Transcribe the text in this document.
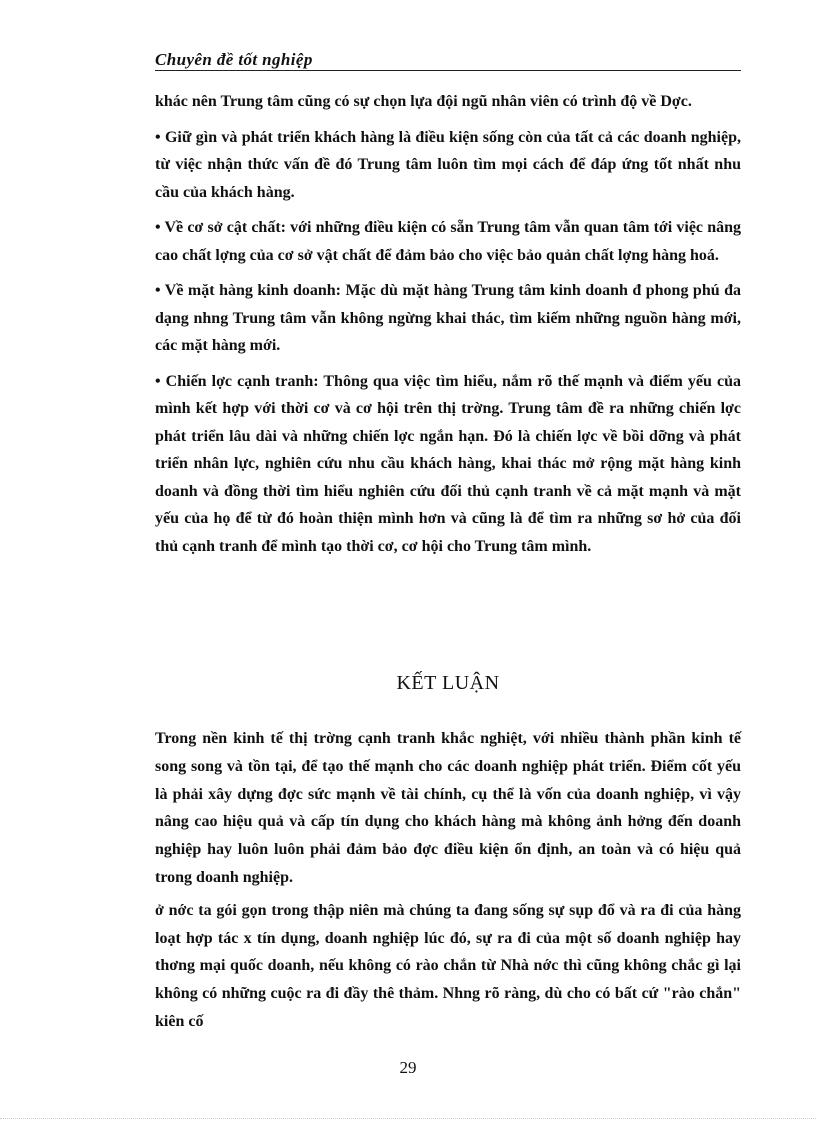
Chuyên đề tốt nghiệp

khác nên Trung tâm cũng có sự chọn lựa đội ngũ nhân viên có trình độ về Dợc.

• Giữ gìn và phát triển khách hàng là điều kiện sống còn của tất cả các doanh nghiệp, từ việc nhận thức vấn đề đó Trung tâm luôn tìm mọi cách để đáp ứng tốt nhất nhu cầu của khách hàng.

• Về cơ sở cật chất: với những điều kiện có sẵn Trung tâm vẫn quan tâm tới việc nâng cao chất lợng của cơ sở vật chất để đảm bảo cho việc bảo quản chất lợng hàng hoá.

• Về mặt hàng kinh doanh: Mặc dù mặt hàng Trung tâm kinh doanh đ phong phú đa dạng nhng Trung tâm vẫn không ngừng khai thác, tìm kiếm những nguồn hàng mới, các mặt hàng mới.

• Chiến lợc cạnh tranh: Thông qua việc tìm hiểu, nắm rõ thế mạnh và điểm yếu của mình kết hợp với thời cơ và cơ hội trên thị trờng. Trung tâm đề ra những chiến lợc phát triển lâu dài và những chiến lợc ngắn hạn. Đó là chiến lợc về bồi dỡng và phát triển nhân lực, nghiên cứu nhu cầu khách hàng, khai thác mở rộng mặt hàng kinh doanh và đồng thời tìm hiểu nghiên cứu đối thủ cạnh tranh về cả mặt mạnh và mặt yếu của họ để từ đó hoàn thiện mình hơn và cũng là để tìm ra những sơ hở của đối thủ cạnh tranh để mình tạo thời cơ, cơ hội cho Trung tâm mình.

KẾT LUẬN

Trong nền kinh tế thị trờng cạnh tranh khắc nghiệt, với nhiều thành phần kinh tế song song và tồn tại, để tạo thế mạnh cho các doanh nghiệp phát triển. Điểm cốt yếu là phải xây dựng đợc sức mạnh về tài chính, cụ thể là vốn của doanh nghiệp, vì vậy nâng cao hiệu quả và cấp tín dụng cho khách hàng mà không ảnh hởng đến doanh nghiệp hay luôn luôn phải đảm bảo đợc điều kiện ổn định, an toàn và có hiệu quả trong doanh nghiệp.

ở nớc ta gói gọn trong thập niên mà chúng ta đang sống sự sụp đổ và ra đi của hàng loạt hợp tác x tín dụng, doanh nghiệp lúc đó, sự ra đi của một số doanh nghiệp hay thơng mại quốc doanh, nếu không có rào chắn từ Nhà nớc thì cũng không chắc gì lại không có những cuộc ra đi đầy thê thảm. Nhng rõ ràng, dù cho có bất cứ "rào chắn" kiên cố

29
